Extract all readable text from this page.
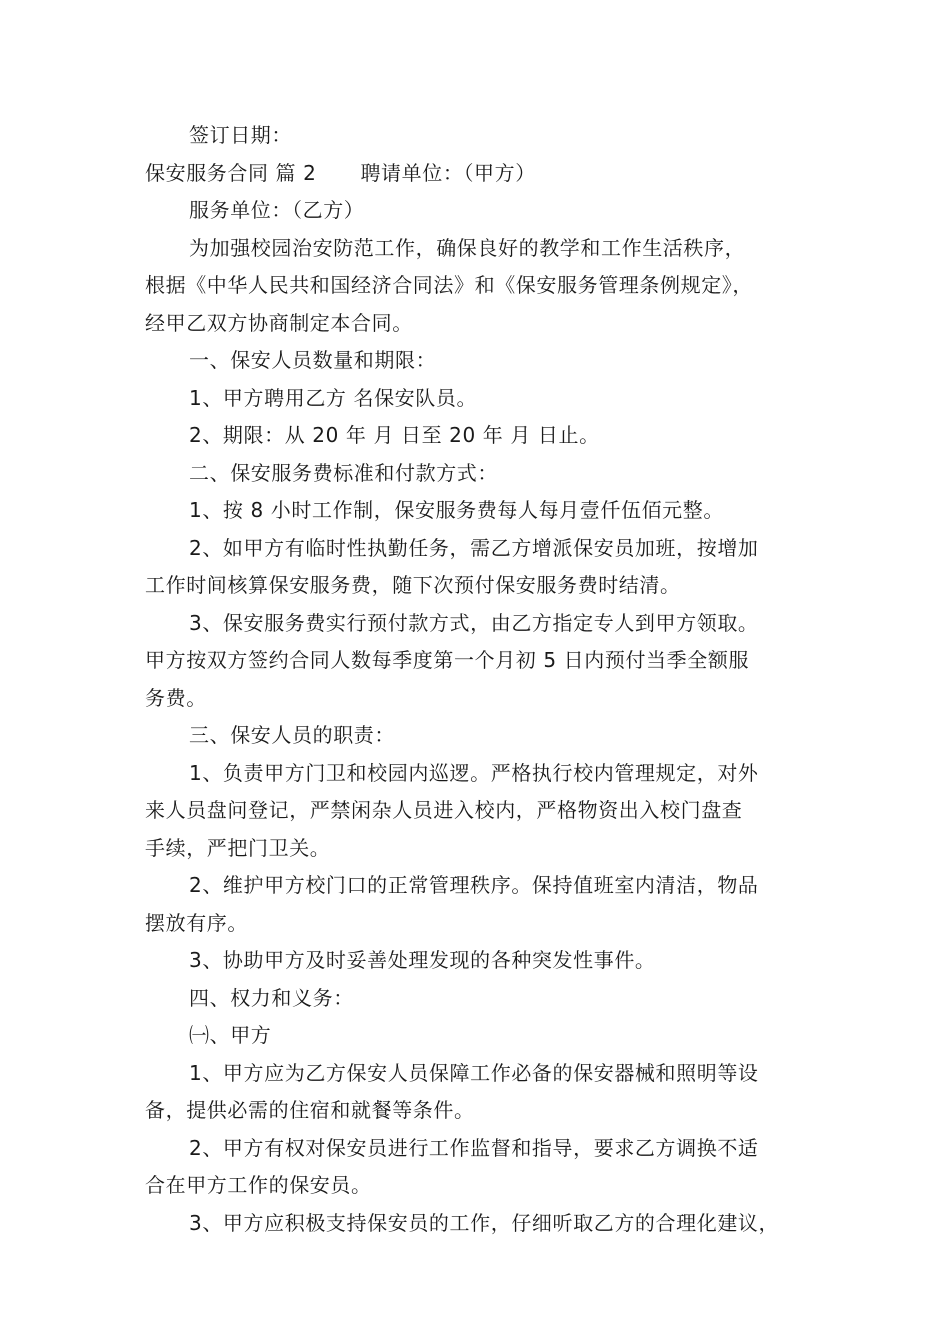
签订日期：

保安服务合同 篇 2 聘请单位：（甲方）

服务单位：（乙方）

为加强校园治安防范工作，确保良好的教学和工作生活秩序，

根据《中华人民共和国经济合同法》和《保安服务管理条例规定》，

经甲乙双方协商制定本合同。

一、保安人员数量和期限：

1、甲方聘用乙方 名保安队员。

2、期限：从 20 年 月 日至 20 年 月 日止。

二、保安服务费标准和付款方式：

1、按 8 小时工作制，保安服务费每人每月壹仟伍佰元整。

2、如甲方有临时性执勤任务，需乙方增派保安员加班，按增加

工作时间核算保安服务费，随下次预付保安服务费时结清。

3、保安服务费实行预付款方式，由乙方指定专人到甲方领取。

甲方按双方签约合同人数每季度第一个月初 5 日内预付当季全额服

务费。

三、保安人员的职责：

1、负责甲方门卫和校园内巡逻。严格执行校内管理规定，对外

来人员盘问登记，严禁闲杂人员进入校内，严格物资出入校门盘查

手续，严把门卫关。

2、维护甲方校门口的正常管理秩序。保持值班室内清洁，物品

摆放有序。

3、协助甲方及时妥善处理发现的各种突发性事件。

四、权力和义务：

㈠、甲方

1、甲方应为乙方保安人员保障工作必备的保安器械和照明等设

备，提供必需的住宿和就餐等条件。

2、甲方有权对保安员进行工作监督和指导，要求乙方调换不适

合在甲方工作的保安员。

3、甲方应积极支持保安员的工作，仔细听取乙方的合理化建议，
